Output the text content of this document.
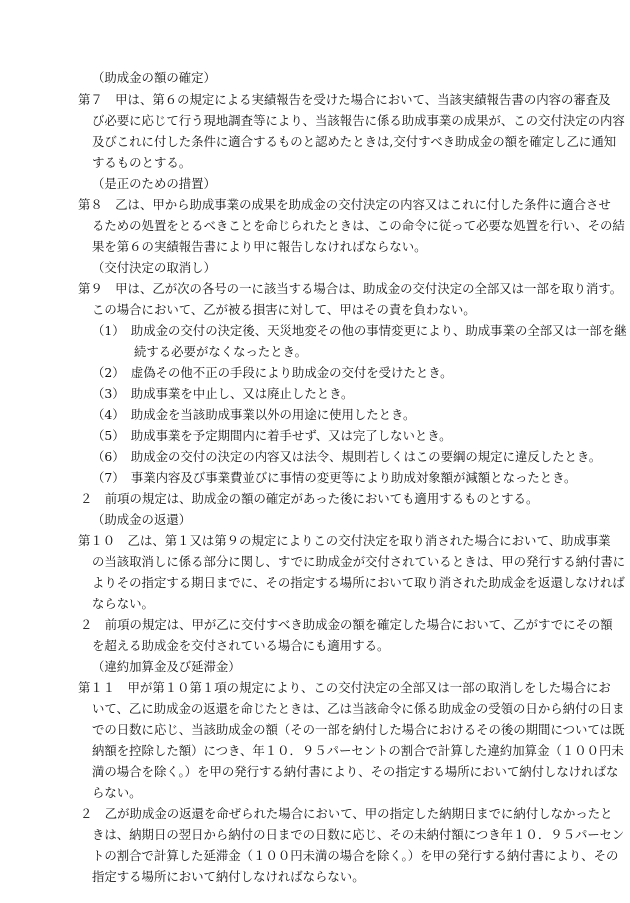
（助成金の額の確定）
第７　甲は、第６の規定による実績報告を受けた場合において、当該実績報告書の内容の審査及
び必要に応じて行う現地調査等により、当該報告に係る助成事業の成果が、この交付決定の内容
及びこれに付した条件に適合するものと認めたときは,交付すべき助成金の額を確定し乙に通知
するものとする。
（是正のための措置）
第８　乙は、甲から助成事業の成果を助成金の交付決定の内容又はこれに付した条件に適合させ
るための処置をとるべきことを命じられたときは、この命令に従って必要な処置を行い、その結
果を第６の実績報告書により甲に報告しなければならない。
（交付決定の取消し）
第９　甲は、乙が次の各号の一に該当する場合は、助成金の交付決定の全部又は一部を取り消す。
この場合において、乙が被る損害に対して、甲はその責を負わない。
（1）　助成金の交付の決定後、天災地変その他の事情変更により、助成事業の全部又は一部を継
続する必要がなくなったとき。
（2）　虚偽その他不正の手段により助成金の交付を受けたとき。
（3）　助成事業を中止し、又は廃止したとき。
（4）　助成金を当該助成事業以外の用途に使用したとき。
（5）　助成事業を予定期間内に着手せず、又は完了しないとき。
（6）　助成金の交付の決定の内容又は法令、規則若しくはこの要綱の規定に違反したとき。
（7）　事業内容及び事業費並びに事情の変更等により助成対象額が減額となったとき。
２　前項の規定は、助成金の額の確定があった後においても適用するものとする。
（助成金の返還）
第１０　乙は、第１又は第９の規定によりこの交付決定を取り消された場合において、助成事業
の当該取消しに係る部分に関し、すでに助成金が交付されているときは、甲の発行する納付書に
よりその指定する期日までに、その指定する場所において取り消された助成金を返還しなければ
ならない。
２　前項の規定は、甲が乙に交付すべき助成金の額を確定した場合において、乙がすでにその額
を超える助成金を交付されている場合にも適用する。
（違約加算金及び延滞金）
第１１　甲が第１０第１項の規定により、この交付決定の全部又は一部の取消しをした場合にお
いて、乙に助成金の返還を命じたときは、乙は当該命令に係る助成金の受領の日から納付の日ま
での日数に応じ、当該助成金の額（その一部を納付した場合におけるその後の期間については既
納額を控除した額）につき、年１０．９５パーセントの割合で計算した違約加算金（１００円未
満の場合を除く。）を甲の発行する納付書により、その指定する場所において納付しなければな
らない。
２　乙が助成金の返還を命ぜられた場合において、甲の指定した納期日までに納付しなかったと
きは、納期日の翌日から納付の日までの日数に応じ、その未納付額につき年１０．９５パーセン
トの割合で計算した延滞金（１００円未満の場合を除く。）を甲の発行する納付書により、その
指定する場所において納付しなければならない。
